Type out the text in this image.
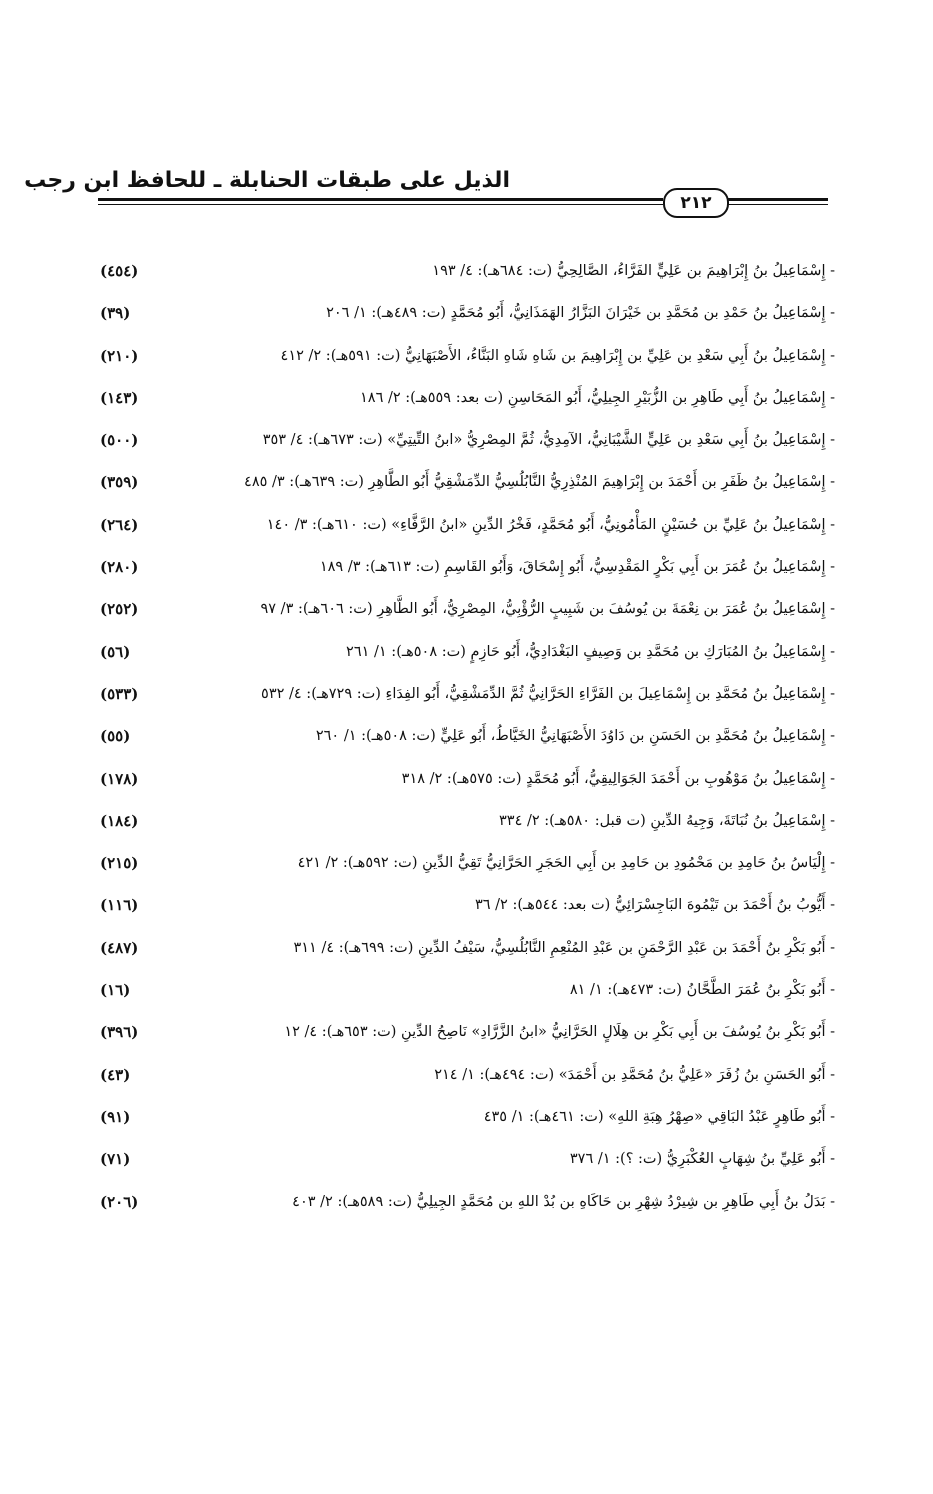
الذيل على طبقات الحنابلة ـ للحافظ ابن رجب
٢١٢
- إِسْمَاعِيلُ بنُ إِبْرَاهِيمَ بن عَلِيٍّ الفَرَّاءُ، الصَّالِحِيُّ (ت: ٦٨٤هـ): ٤/ ١٩٣
(٤٥٤)
- إِسْمَاعِيلُ بنُ حَمْدِ بن مُحَمَّدِ بن خَيْرَانَ البَزَّارُ الهَمَذَانِيُّ، أَبُو مُحَمَّدٍ (ت: ٤٨٩هـ): ١/ ٢٠٦
(٣٩)
- إِسْمَاعِيلُ بنُ أَبِي سَعْدِ بن عَلِيِّ بن إِبْرَاهِيمَ بن شَاهِ شَاهِ البَنَّاءُ، الأَصْبَهَانِيُّ (ت: ٥٩١هـ): ٢/ ٤١٢
(٢١٠)
- إِسْمَاعِيلُ بنُ أَبِي طَاهِرِ بن الزُّبَيْرِ الجِيلِيُّ، أَبُو المَحَاسِنِ (ت بعد: ٥٥٩هـ): ٢/ ١٨٦
(١٤٣)
- إِسْمَاعِيلُ بنُ أَبِي سَعْدِ بن عَلِيٍّ الشَّيْبَانِيُّ، الآمِدِيُّ، ثُمَّ المِصْرِيُّ «ابنُ التِّيتِيِّ» (ت: ٦٧٣هـ): ٤/ ٣٥٣
(٥٠٠)
- إِسْمَاعِيلُ بنُ ظَفَرِ بن أَحْمَدَ بن إِبْرَاهِيمَ المُنْذِرِيُّ النَّابُلُسِيُّ الدِّمَشْقِيُّ أَبُو الطَّاهِرِ (ت: ٦٣٩هـ): ٣/ ٤٨٥
(٣٥٩)
- إِسْمَاعِيلُ بنُ عَلِيِّ بن حُسَيْنٍ المَأْمُونِيُّ، أَبُو مُحَمَّدٍ، فَخْرُ الدِّينِ «ابنُ الرَّفَّاءِ» (ت: ٦١٠هـ): ٣/ ١٤٠
(٢٦٤)
- إِسْمَاعِيلُ بنُ عُمَرَ بن أَبِي بَكْرٍ المَقْدِسِيُّ، أَبُو إِسْحَاقَ، وَأَبُو القَاسِمِ (ت: ٦١٣هـ): ٣/ ١٨٩
(٢٨٠)
- إِسْمَاعِيلُ بنُ عُمَرَ بن نِعْمَةَ بن يُوسُفَ بن شَبِيبٍ الرُّؤْبِيُّ، المِصْرِيُّ، أَبُو الطَّاهِرِ (ت: ٦٠٦هـ): ٣/ ٩٧
(٢٥٢)
- إِسْمَاعِيلُ بنُ المُبَارَكِ بن مُحَمَّدِ بن وَصِيفٍ البَغْدَادِيُّ، أَبُو حَازِمٍ (ت: ٥٠٨هـ): ١/ ٢٦١
(٥٦)
- إِسْمَاعِيلُ بنُ مُحَمَّدِ بن إِسْمَاعِيلَ بن الفَرَّاءِ الحَرَّانِيُّ ثُمَّ الدِّمَشْقِيُّ، أَبُو الفِدَاءِ (ت: ٧٢٩هـ): ٤/ ٥٣٢
(٥٣٣)
- إِسْمَاعِيلُ بنُ مُحَمَّدِ بن الحَسَنِ بن دَاوُدَ الأَصْبَهَانِيُّ الخَيَّاطُ، أَبُو عَلِيٍّ (ت: ٥٠٨هـ): ١/ ٢٦٠
(٥٥)
- إِسْمَاعِيلُ بنُ مَوْهُوبِ بن أَحْمَدَ الجَوَالِيقِيُّ، أَبُو مُحَمَّدٍ (ت: ٥٧٥هـ): ٢/ ٣١٨
(١٧٨)
- إِسْمَاعِيلُ بنُ نُبَاتَةَ، وَجِيهُ الدِّينِ (ت قبل: ٥٨٠هـ): ٢/ ٣٣٤
(١٨٤)
- إِلْيَاسُ بنُ حَامِدِ بن مَحْمُودِ بن حَامِدِ بن أَبِي الحَجَرِ الحَرَّانِيُّ تَقِيُّ الدِّينِ (ت: ٥٩٢هـ): ٢/ ٤٢١
(٢١٥)
- أَيُّوبُ بنُ أَحْمَدَ بن تَيْمُوهَ البَاجِسْرَائِيُّ (ت بعد: ٥٤٤هـ): ٢/ ٣٦
(١١٦)
- أَبُو بَكْرِ بنُ أَحْمَدَ بن عَبْدِ الرَّحْمَنِ بن عَبْدِ المُنْعِمِ النَّابُلُسِيُّ، سَيْفُ الدِّينِ (ت: ٦٩٩هـ): ٤/ ٣١١
(٤٨٧)
- أَبُو بَكْرِ بنُ عُمَرَ الطَّحَّانُ (ت: ٤٧٣هـ): ١/ ٨١
(١٦)
- أَبُو بَكْرِ بنُ يُوسُفَ بن أَبِي بَكْرِ بن هِلَالٍ الحَرَّانِيُّ «ابنُ الزَّرَّادِ» نَاصِحُ الدِّينِ (ت: ٦٥٣هـ): ٤/ ١٢
(٣٩٦)
- أَبُو الحَسَنِ بنُ زُفَرَ «عَلِيُّ بنُ مُحَمَّدِ بن أَحْمَدَ» (ت: ٤٩٤هـ): ١/ ٢١٤
(٤٣)
- أَبُو طَاهِرٍ عَبْدُ البَاقِي «صِهْرُ هِبَةِ اللهِ» (ت: ٤٦١هـ): ١/ ٤٣٥
(٩١)
- أَبُو عَلِيِّ بنُ شِهَابٍ العُكْبَرِيُّ (ت: ؟): ١/ ٣٧٦
(٧١)
- بَدَلُ بنُ أَبِي طَاهِرِ بن شِيرْدُ شِهْرِ بن حَاكَاهِ بن بُدْ اللهِ بن مُحَمَّدٍ الجِيلِيُّ (ت: ٥٨٩هـ): ٢/ ٤٠٣
(٢٠٦)
